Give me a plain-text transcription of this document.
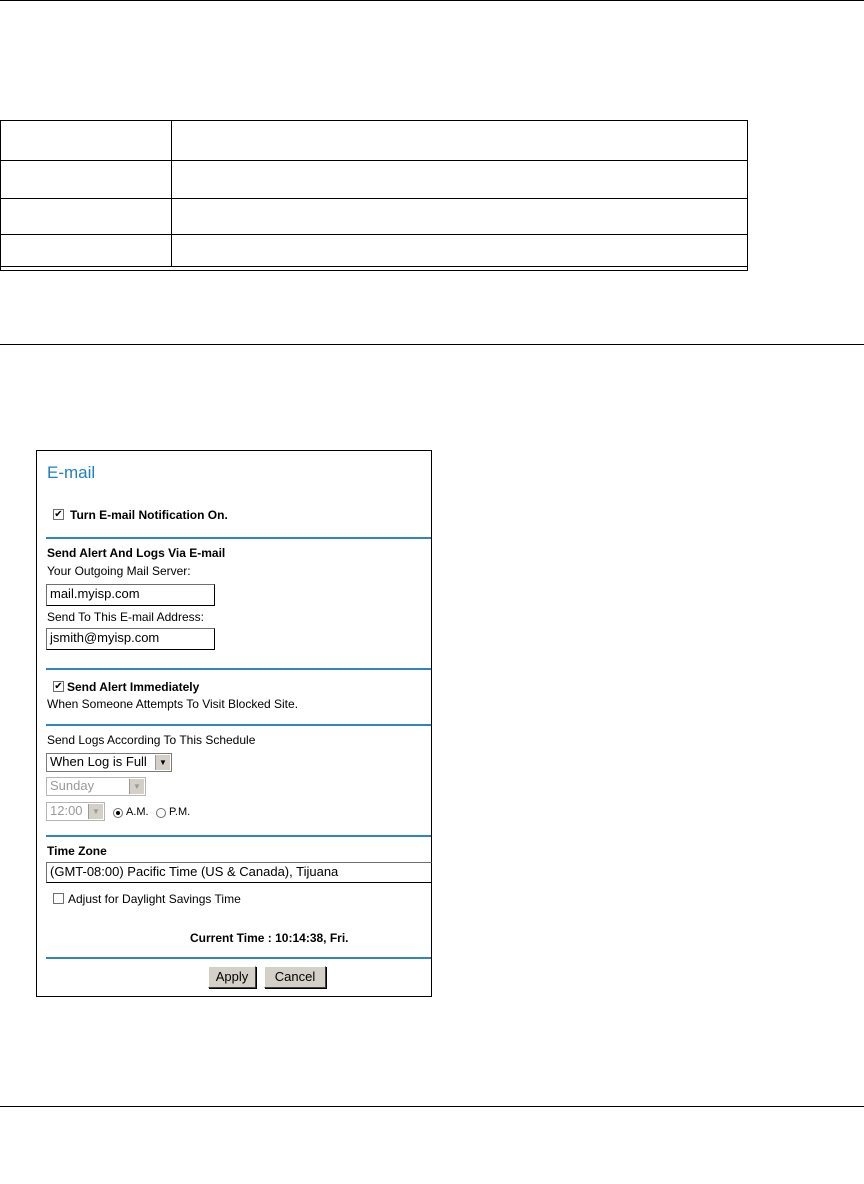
E-mail
✔ Turn E-mail Notification On.
Send Alert And Logs Via E-mail
Your Outgoing Mail Server:
mail.myisp.com
Send To This E-mail Address:
jsmith@myisp.com
✔ Send Alert Immediately
When Someone Attempts To Visit Blocked Site.
Send Logs According To This Schedule
When Log is Full	▼
Sunday	▼
12:00	▼ A.M. P.M.
Time Zone
(GMT-08:00) Pacific Time (US & Canada), Tijuana
Adjust for Daylight Savings Time
Current Time : 10:14:38, Fri.
Apply	Cancel
